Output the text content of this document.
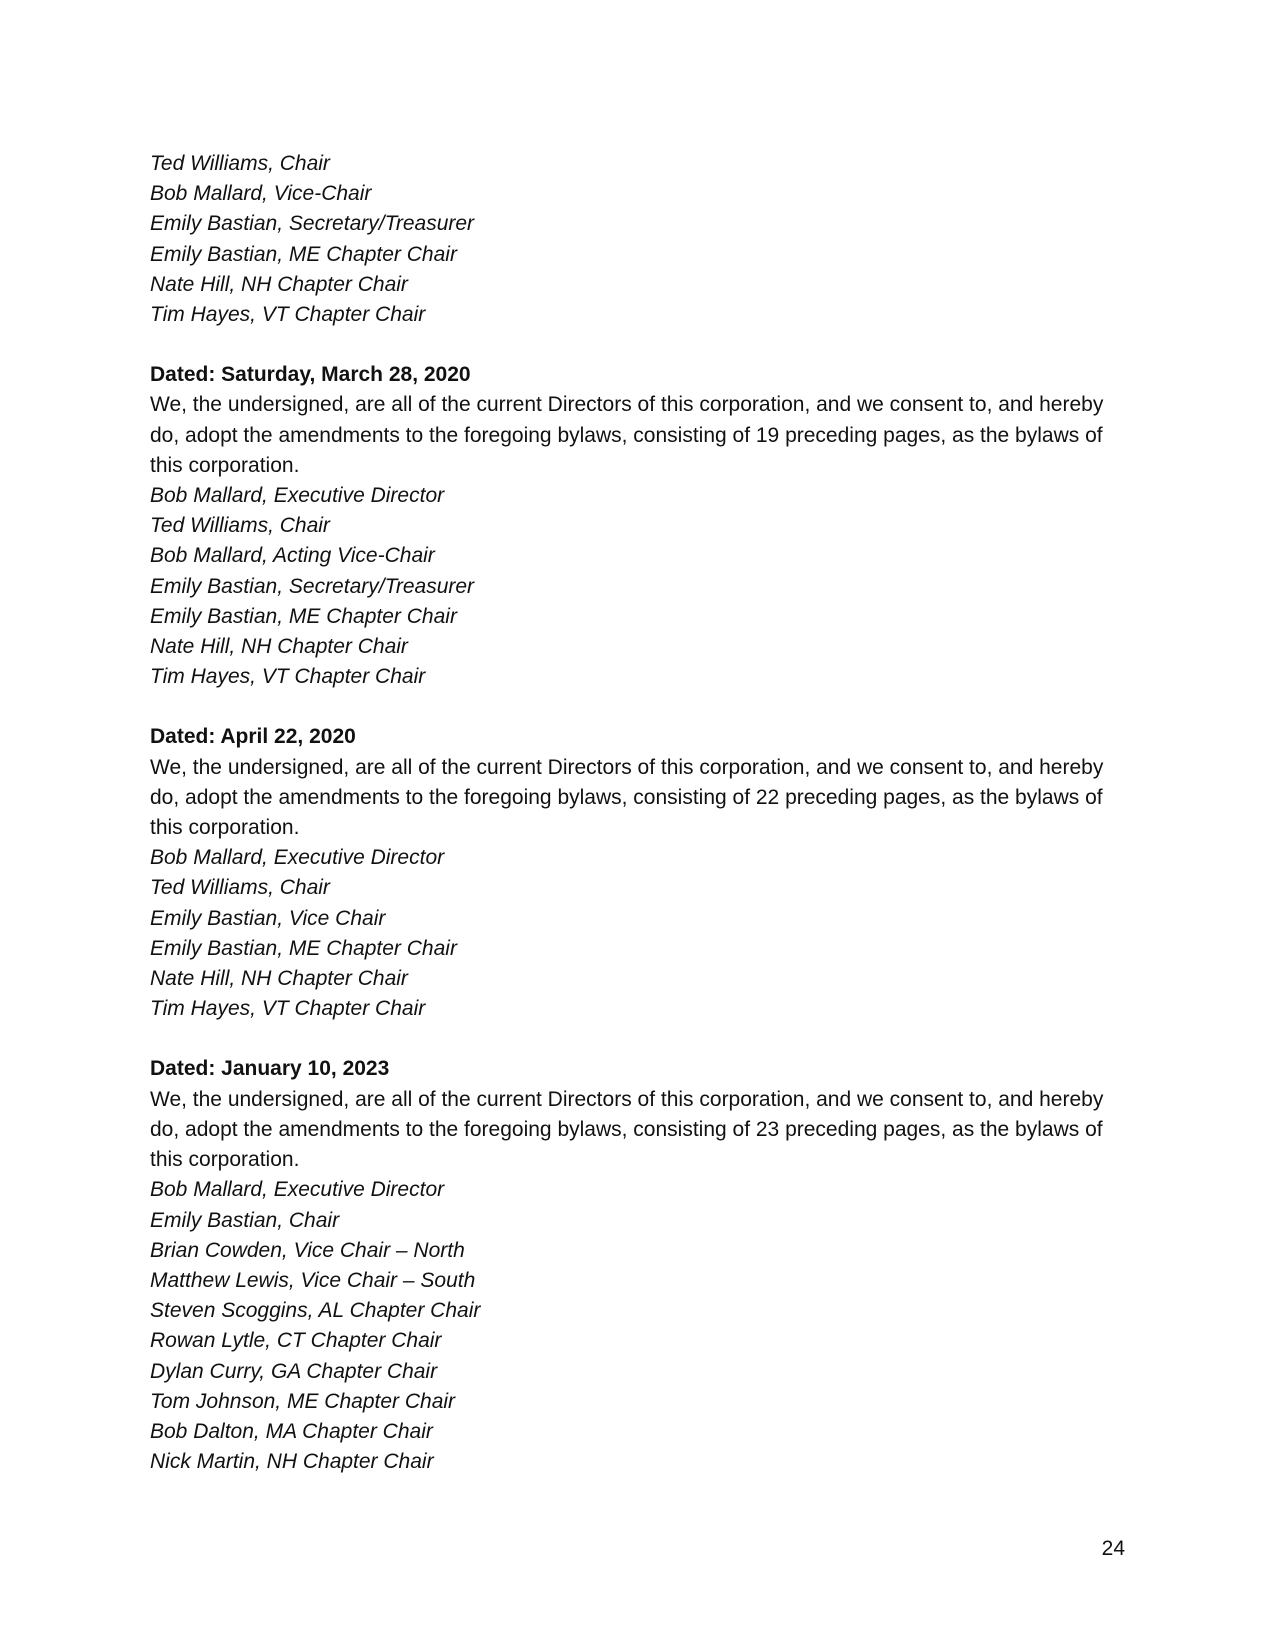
Ted Williams, Chair
Bob Mallard, Vice-Chair
Emily Bastian, Secretary/Treasurer
Emily Bastian, ME Chapter Chair
Nate Hill, NH Chapter Chair
Tim Hayes, VT Chapter Chair
Dated: Saturday, March 28, 2020

We, the undersigned, are all of the current Directors of this corporation, and we consent to, and hereby do, adopt the amendments to the foregoing bylaws, consisting of 19 preceding pages, as the bylaws of this corporation.

Bob Mallard, Executive Director
Ted Williams, Chair
Bob Mallard, Acting Vice-Chair
Emily Bastian, Secretary/Treasurer
Emily Bastian, ME Chapter Chair
Nate Hill, NH Chapter Chair
Tim Hayes, VT Chapter Chair
Dated: April 22, 2020

We, the undersigned, are all of the current Directors of this corporation, and we consent to, and hereby do, adopt the amendments to the foregoing bylaws, consisting of 22 preceding pages, as the bylaws of this corporation.

Bob Mallard, Executive Director
Ted Williams, Chair
Emily Bastian, Vice Chair
Emily Bastian, ME Chapter Chair
Nate Hill, NH Chapter Chair
Tim Hayes, VT Chapter Chair
Dated: January 10, 2023

We, the undersigned, are all of the current Directors of this corporation, and we consent to, and hereby do, adopt the amendments to the foregoing bylaws, consisting of 23 preceding pages, as the bylaws of this corporation.

Bob Mallard, Executive Director
Emily Bastian, Chair
Brian Cowden, Vice Chair – North
Matthew Lewis, Vice Chair – South
Steven Scoggins, AL Chapter Chair
Rowan Lytle, CT Chapter Chair
Dylan Curry, GA Chapter Chair
Tom Johnson, ME Chapter Chair
Bob Dalton, MA Chapter Chair
Nick Martin, NH Chapter Chair
24
